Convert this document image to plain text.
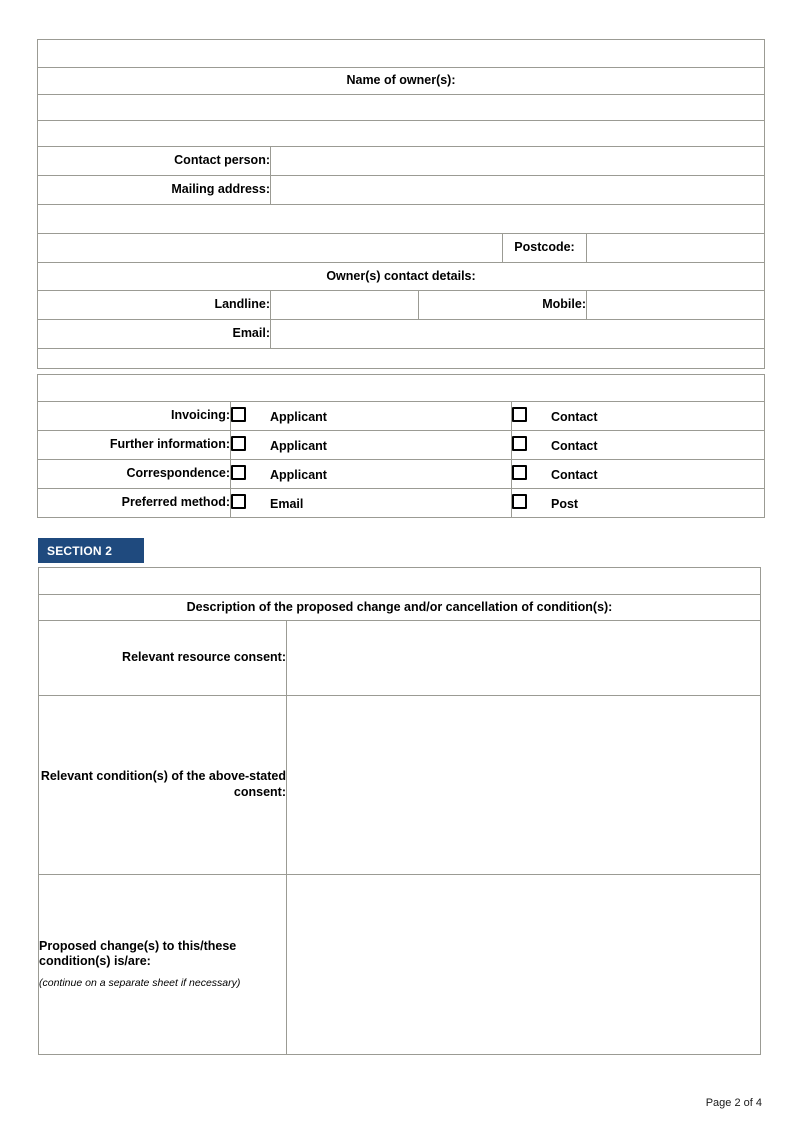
OWNER (if different from applicant)				
Name of owner(s):				

Contact person:				
Mailing address:				

			Postcode:	
Owner(s) contact details:				
Landline:		Mobile:		
Email:				

COMMUNICATION		
Invoicing:	Applicant	Contact
Further information:	Applicant	Contact
Correspondence:	Applicant	Contact
Preferred method:	Email	Post
SECTION 2
PROPOSED CHANGE AND/OR CANCELLATION OF CONDITION(S)	
Description of the proposed change and/or cancellation of condition(s):	
Relevant resource consent:	
Relevant condition(s) of the above-stated consent:	
Proposed change(s) to this/these condition(s) is/are:
(continue on a separate sheet if necessary)	

Page 2 of 4
